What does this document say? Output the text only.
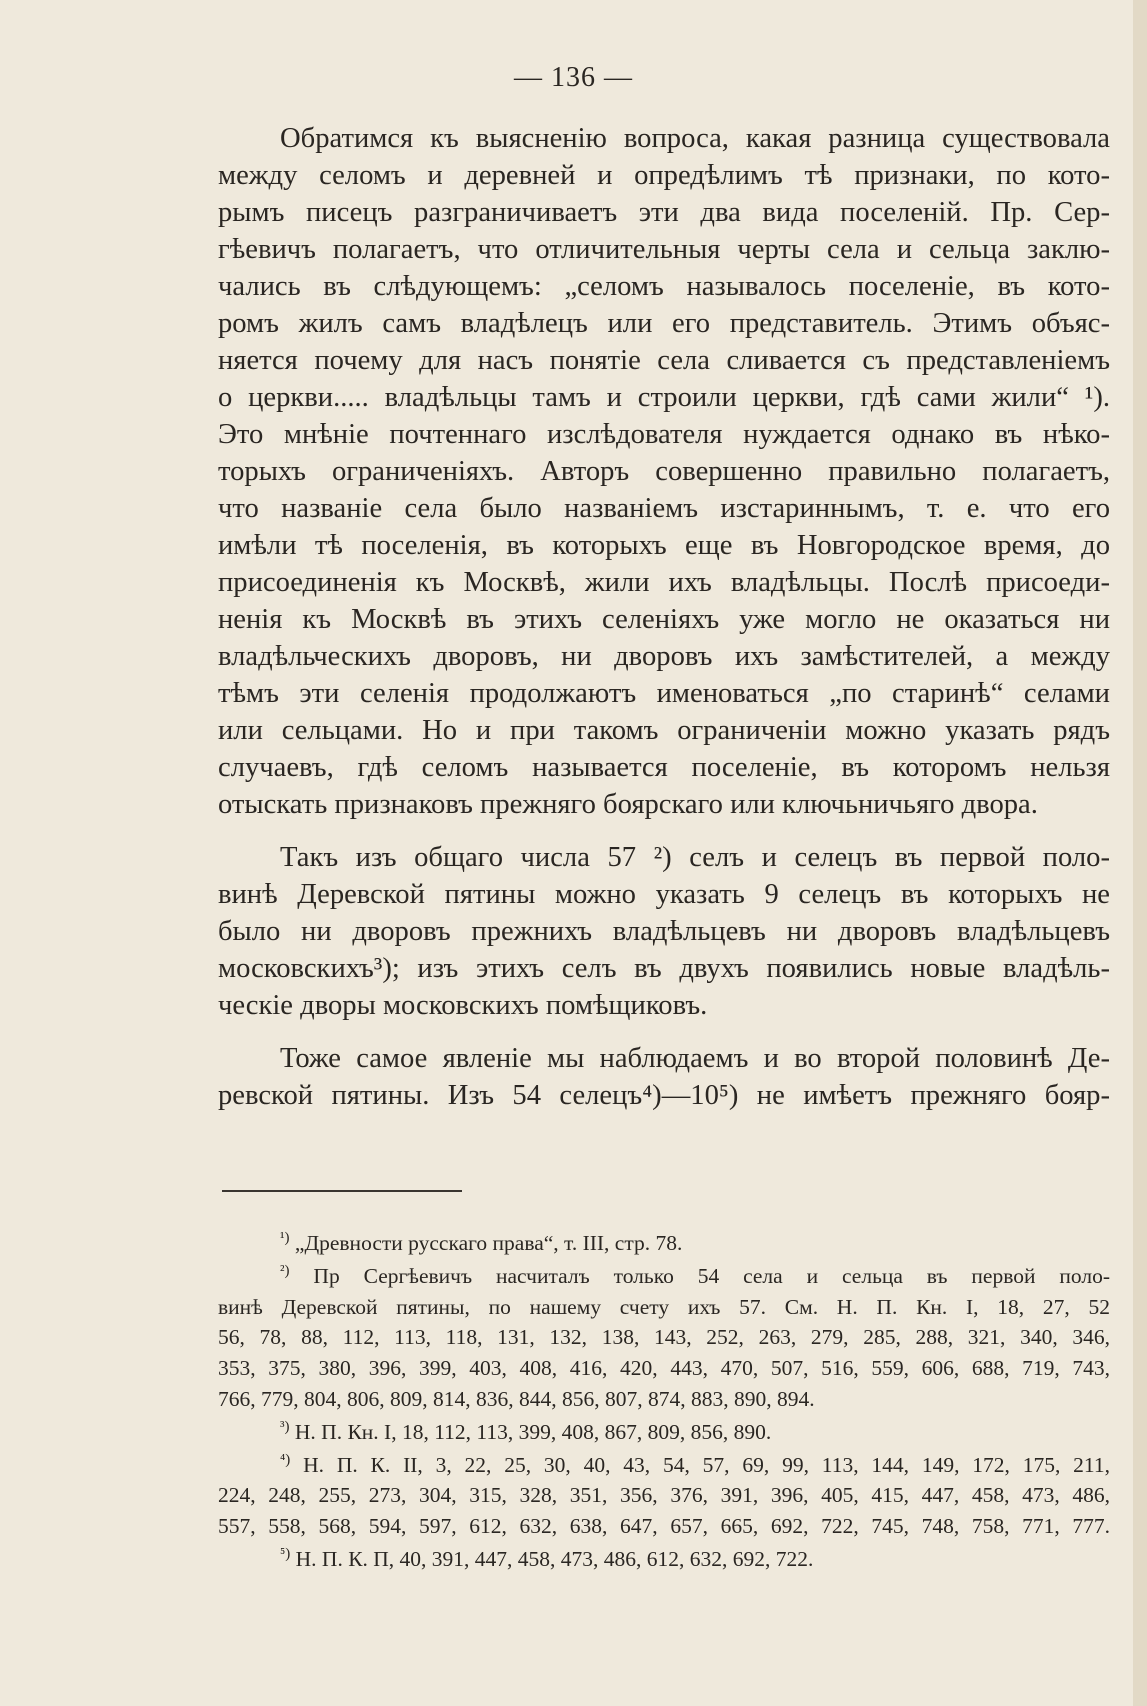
— 136 —
Обратимся къ выясненію вопроса, какая разница существовала
между селомъ и деревней и опредѣлимъ тѣ признаки, по кото-
рымъ писецъ разграничиваетъ эти два вида поселеній. Пр. Сер-
гѣевичъ полагаетъ, что отличительныя черты села и сельца заклю-
чались въ слѣдующемъ: „селомъ называлось поселеніе, въ кото-
ромъ жилъ самъ владѣлецъ или его представитель. Этимъ объяс-
няется почему для насъ понятіе села сливается съ представленіемъ
о церкви..... владѣльцы тамъ и строили церкви, гдѣ сами жили“ ¹).
Это мнѣніе почтеннаго изслѣдователя нуждается однако въ нѣко-
торыхъ ограниченіяхъ. Авторъ совершенно правильно полагаетъ,
что названіе села было названіемъ изстариннымъ, т. е. что его
имѣли тѣ поселенія, въ которыхъ еще въ Новгородское время, до
присоединенія къ Москвѣ, жили ихъ владѣльцы. Послѣ присоеди-
ненія къ Москвѣ въ этихъ селеніяхъ уже могло не оказаться ни
владѣльческихъ дворовъ, ни дворовъ ихъ замѣстителей, а между
тѣмъ эти селенія продолжаютъ именоваться „по старинѣ“ селами
или сельцами. Но и при такомъ ограниченіи можно указать рядъ
случаевъ, гдѣ селомъ называется поселеніе, въ которомъ нельзя
отыскать признаковъ прежняго боярскаго или ключьничьяго двора.
Такъ изъ общаго числа 57 ²) селъ и селецъ въ первой поло-
винѣ Деревской пятины можно указать 9 селецъ въ которыхъ не
было ни дворовъ прежнихъ владѣльцевъ ни дворовъ владѣльцевъ
московскихъ³); изъ этихъ селъ въ двухъ появились новые владѣль-
ческіе дворы московскихъ помѣщиковъ.
Тоже самое явленіе мы наблюдаемъ и во второй половинѣ Де-
ревской пятины. Изъ 54 селецъ⁴)—10⁵) не имѣетъ прежняго бояр-
$^{^1)}$ „Древности русскаго права“, т. III, стр. 78.
$^{^2)}$ Пр Сергѣевичъ насчиталъ только 54 села и сельца въ первой поло-
винѣ Деревской пятины, по нашему счету ихъ 57. См. Н. П. Кн. I, 18, 27, 52
56, 78, 88, 112, 113, 118, 131, 132, 138, 143, 252, 263, 279, 285, 288, 321, 340, 346,
353, 375, 380, 396, 399, 403, 408, 416, 420, 443, 470, 507, 516, 559, 606, 688, 719, 743,
766, 779, 804, 806, 809, 814, 836, 844, 856, 807, 874, 883, 890, 894.
$^{^3)}$ Н. П. Кн. I, 18, 112, 113, 399, 408, 867, 809, 856, 890.
$^{^4)}$ Н. П. К. II, 3, 22, 25, 30, 40, 43, 54, 57, 69, 99, 113, 144, 149, 172, 175, 211,
224, 248, 255, 273, 304, 315, 328, 351, 356, 376, 391, 396, 405, 415, 447, 458, 473, 486,
557, 558, 568, 594, 597, 612, 632, 638, 647, 657, 665, 692, 722, 745, 748, 758, 771, 777.
$^{^5)}$ Н. П. К. П, 40, 391, 447, 458, 473, 486, 612, 632, 692, 722.
